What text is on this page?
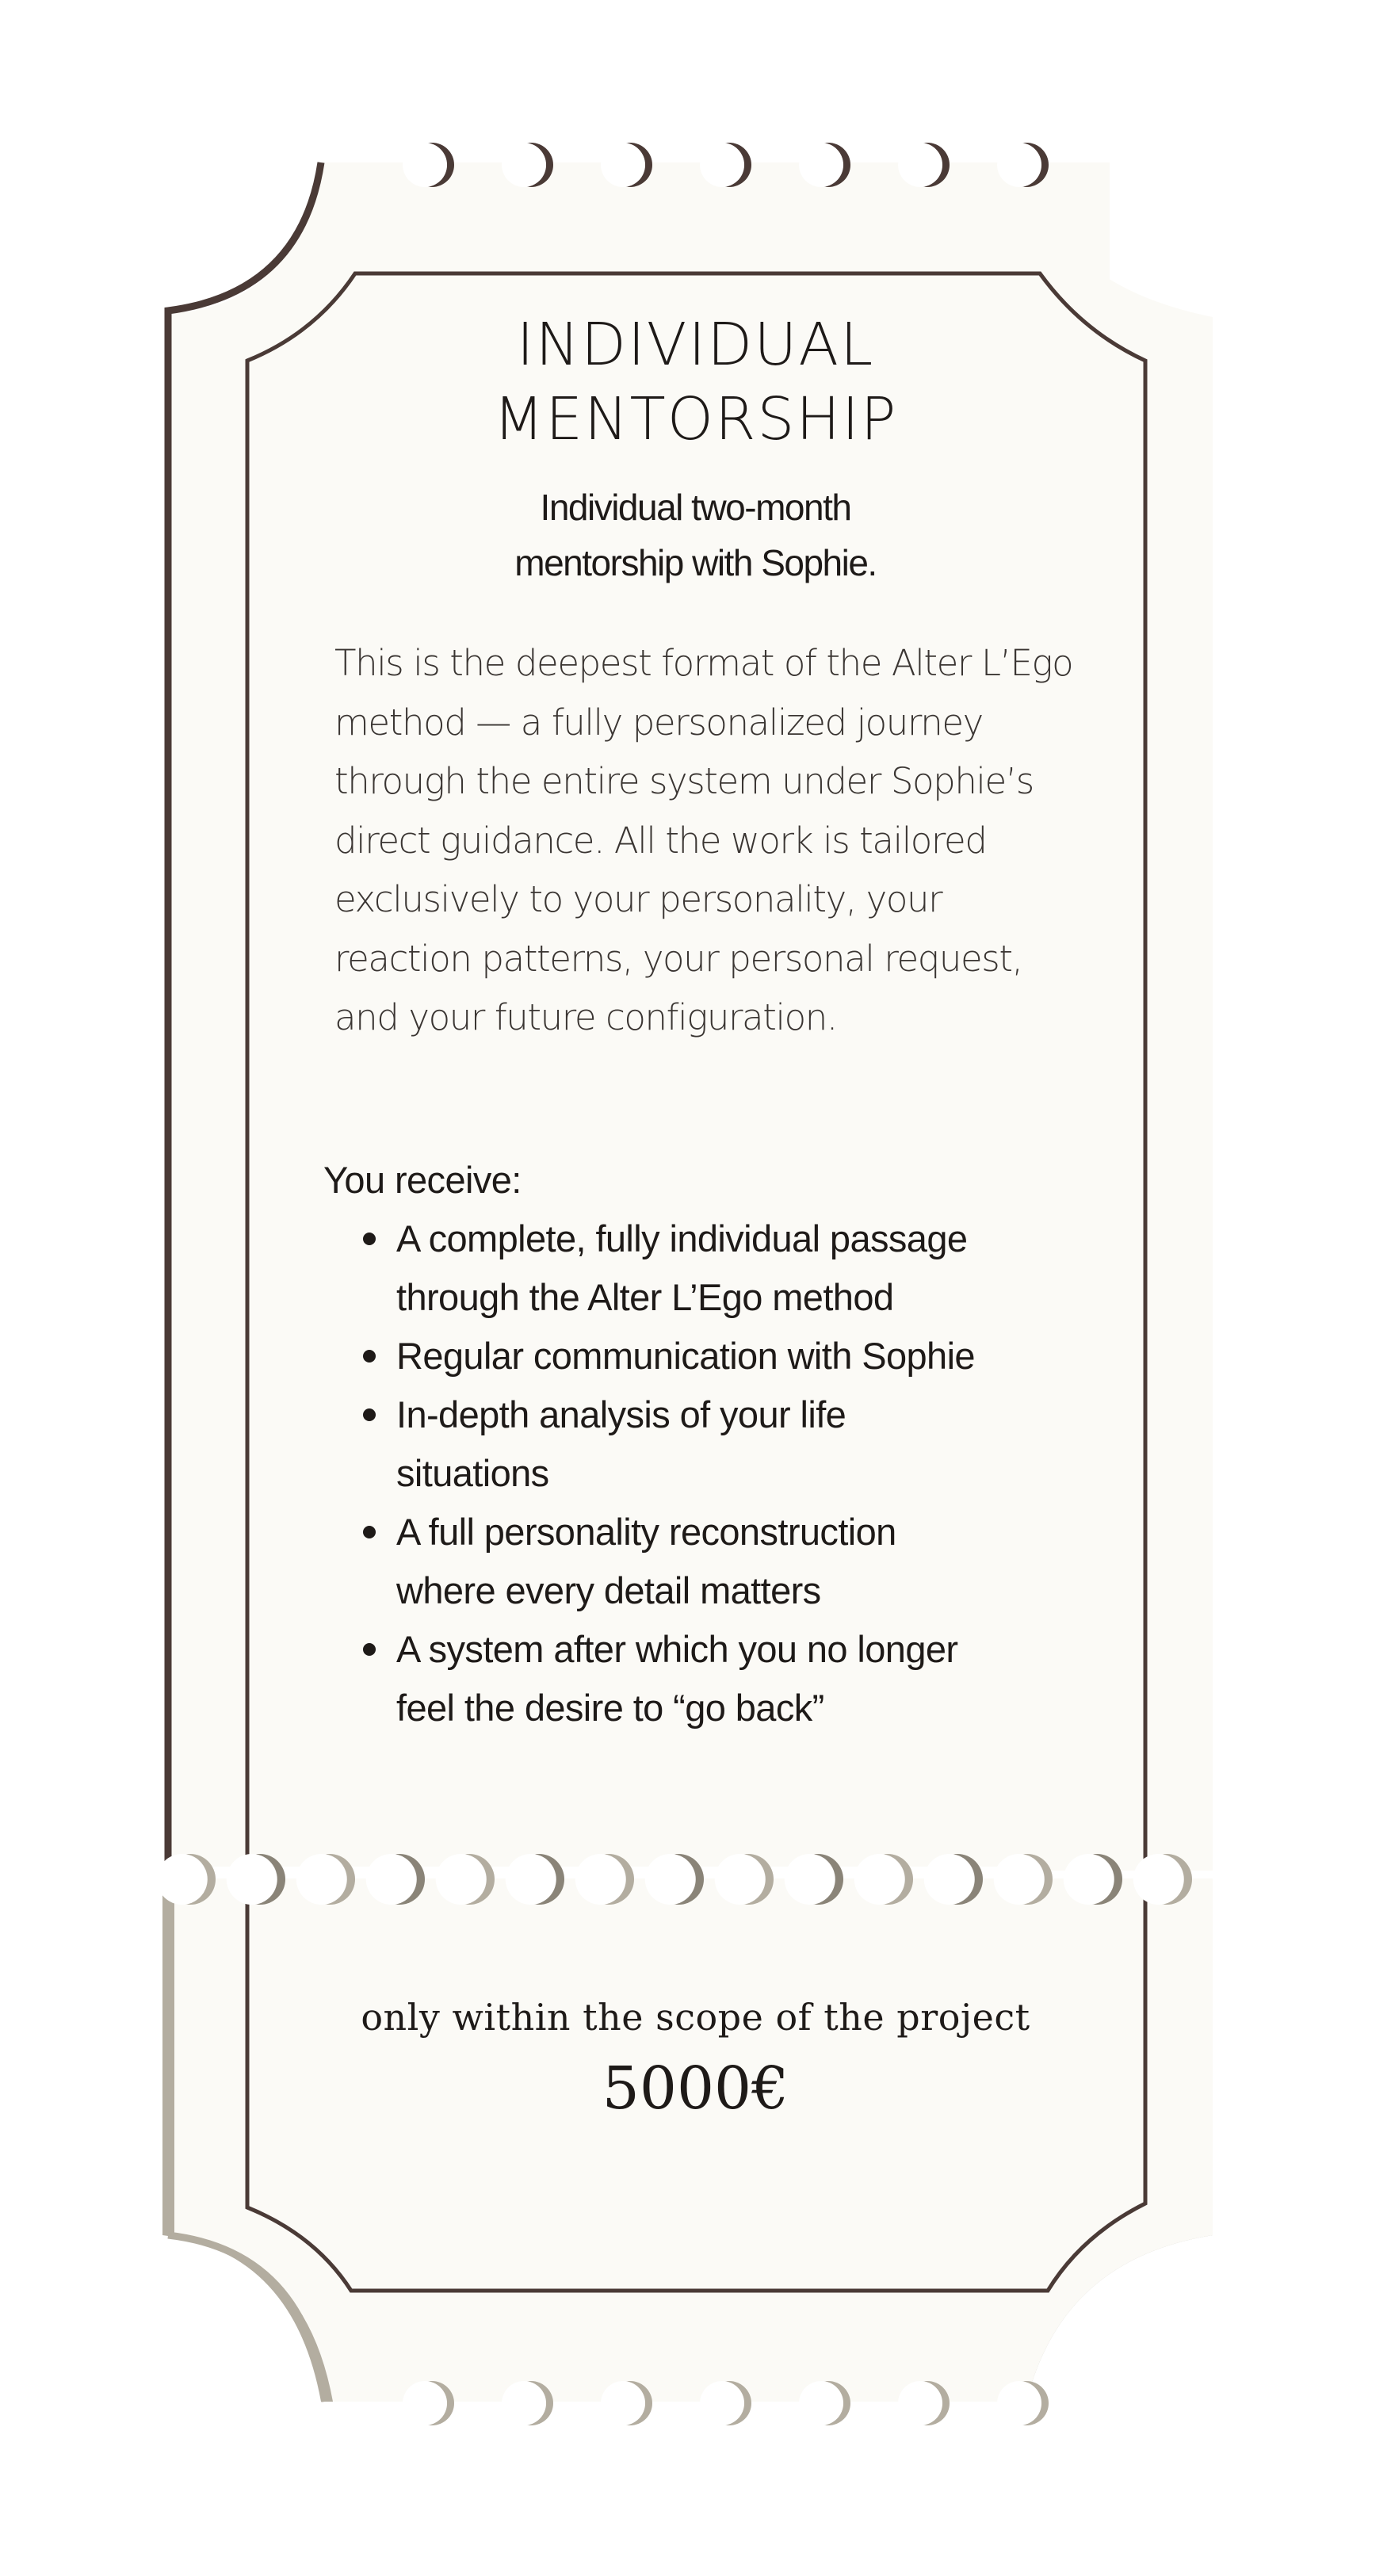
INDIVIDUAL
MENTORSHIP
Individual two-month
mentorship with Sophie.

This is the deepest format of the Alter L’Ego
method — a fully personalized journey
through the entire system under Sophie’s
direct guidance. All the work is tailored
exclusively to your personality, your
reaction patterns, your personal request,
and your future configuration.

You receive:

A complete, fully individual passage
through the Alter L’Ego method
Regular communication with Sophie
In-depth analysis of your life
situations
A full personality reconstruction
where every detail matters
A system after which you no longer
feel the desire to “go back”
only within the scope of the project
5000€
